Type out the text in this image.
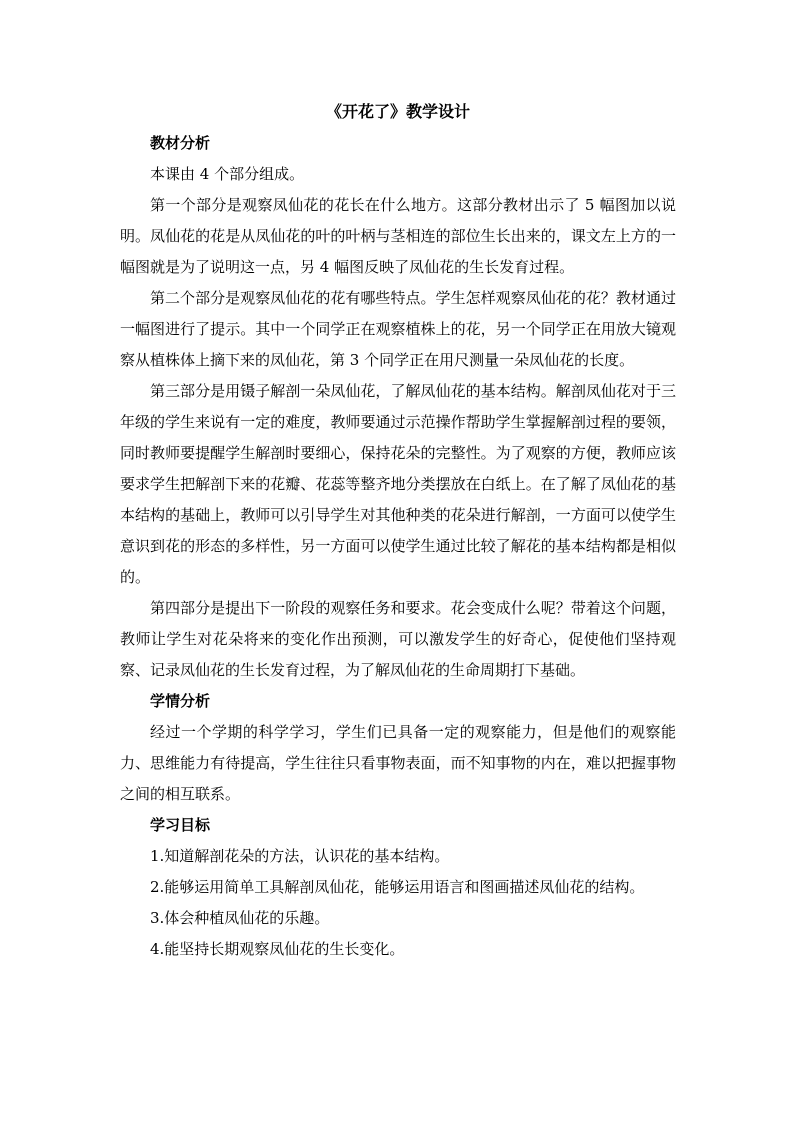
《开花了》教学设计

教材分析

本课由 4 个部分组成。

第一个部分是观察凤仙花的花长在什么地方。这部分教材出示了 5 幅图加以说明。凤仙花的花是从凤仙花的叶的叶柄与茎相连的部位生长出来的，课文左上方的一幅图就是为了说明这一点，另 4 幅图反映了凤仙花的生长发育过程。

第二个部分是观察凤仙花的花有哪些特点。学生怎样观察凤仙花的花？教材通过一幅图进行了提示。其中一个同学正在观察植株上的花，另一个同学正在用放大镜观察从植株体上摘下来的凤仙花，第 3 个同学正在用尺测量一朵凤仙花的长度。

第三部分是用镊子解剖一朵凤仙花，了解凤仙花的基本结构。解剖凤仙花对于三年级的学生来说有一定的难度，教师要通过示范操作帮助学生掌握解剖过程的要领，同时教师要提醒学生解剖时要细心，保持花朵的完整性。为了观察的方便，教师应该要求学生把解剖下来的花瓣、花蕊等整齐地分类摆放在白纸上。在了解了凤仙花的基本结构的基础上，教师可以引导学生对其他种类的花朵进行解剖，一方面可以使学生意识到花的形态的多样性，另一方面可以使学生通过比较了解花的基本结构都是相似的。

第四部分是提出下一阶段的观察任务和要求。花会变成什么呢？带着这个问题，教师让学生对花朵将来的变化作出预测，可以激发学生的好奇心，促使他们坚持观察、记录凤仙花的生长发育过程，为了解凤仙花的生命周期打下基础。

学情分析

经过一个学期的科学学习，学生们已具备一定的观察能力，但是他们的观察能力、思维能力有待提高，学生往往只看事物表面，而不知事物的内在，难以把握事物之间的相互联系。

学习目标

1.知道解剖花朵的方法，认识花的基本结构。

2.能够运用简单工具解剖凤仙花，能够运用语言和图画描述凤仙花的结构。

3.体会种植凤仙花的乐趣。

4.能坚持长期观察凤仙花的生长变化。
